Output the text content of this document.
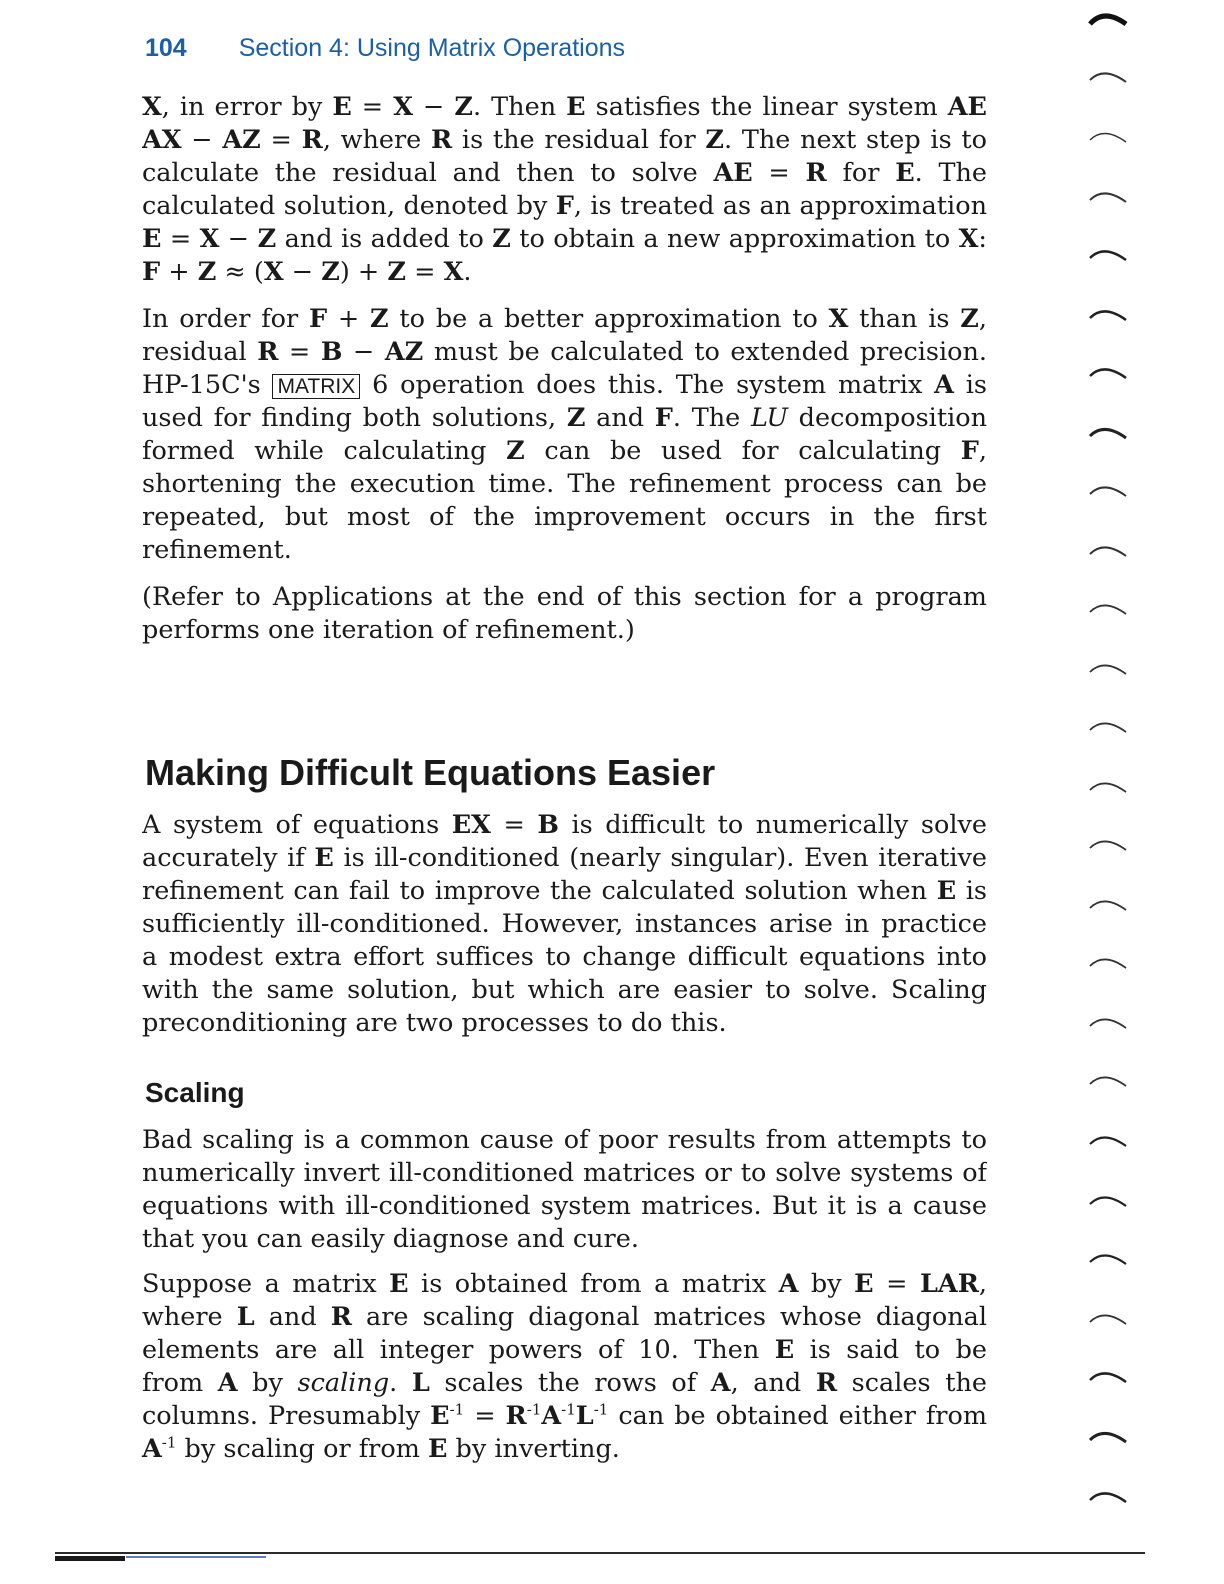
104 Section 4: Using Matrix Operations
X, in error by E = X − Z. Then E satisfies the linear system AE
AX − AZ = R, where R is the residual for Z. The next step is to
calculate the residual and then to solve AE = R for E. The
calculated solution, denoted by F, is treated as an approximation
E = X − Z and is added to Z to obtain a new approximation to X:
F + Z ≈ (X − Z) + Z = X.
In order for F + Z to be a better approximation to X than is Z,
residual R = B − AZ must be calculated to extended precision.
HP-15C's MATRIX 6 operation does this. The system matrix A is
used for finding both solutions, Z and F. The LU decomposition
formed while calculating Z can be used for calculating F,
shortening the execution time. The refinement process can be
repeated, but most of the improvement occurs in the first
refinement.
(Refer to Applications at the end of this section for a program
performs one iteration of refinement.)
Making Difficult Equations Easier
A system of equations EX = B is difficult to numerically solve
accurately if E is ill-conditioned (nearly singular). Even iterative
refinement can fail to improve the calculated solution when E is
sufficiently ill-conditioned. However, instances arise in practice
a modest extra effort suffices to change difficult equations into
with the same solution, but which are easier to solve. Scaling
preconditioning are two processes to do this.
Scaling
Bad scaling is a common cause of poor results from attempts to
numerically invert ill-conditioned matrices or to solve systems of
equations with ill-conditioned system matrices. But it is a cause
that you can easily diagnose and cure.
Suppose a matrix E is obtained from a matrix A by E = LAR,
where L and R are scaling diagonal matrices whose diagonal
elements are all integer powers of 10. Then E is said to be
from A by scaling. L scales the rows of A, and R scales the
columns. Presumably $E^{-1} = R^{-1}A^{-1}L^{-1}$ can be obtained either from
$A^{-1}$ by scaling or from E by inverting.
